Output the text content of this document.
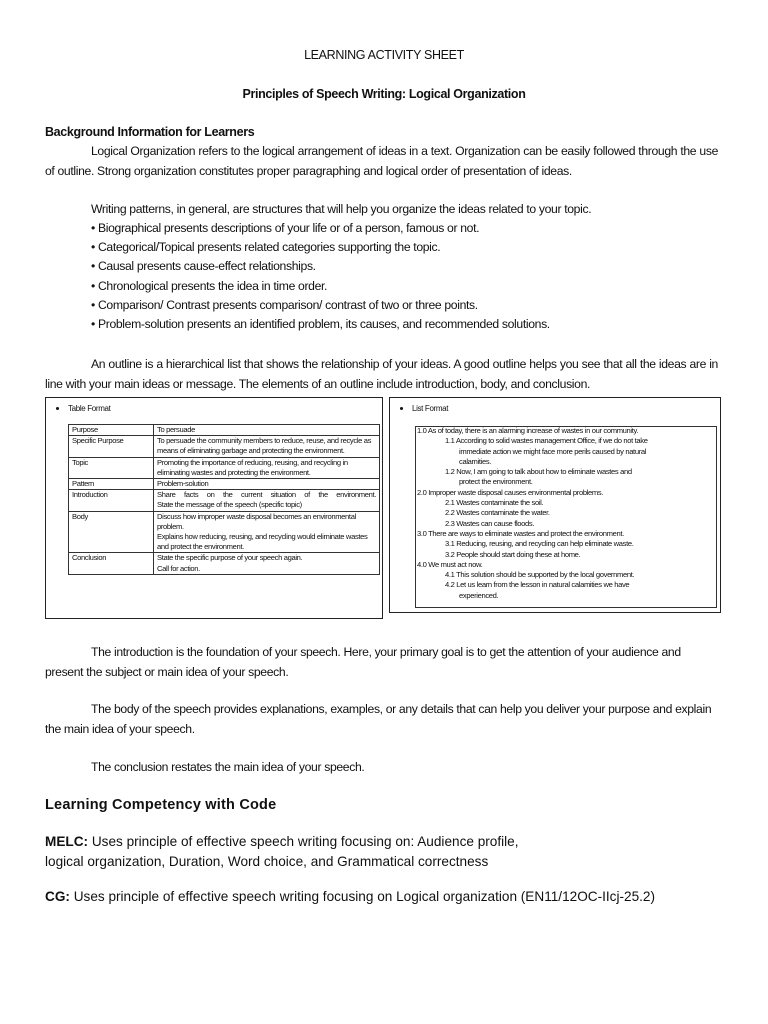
LEARNING ACTIVITY SHEET
Principles of Speech Writing: Logical Organization
Background Information for Learners
Logical Organization refers to the logical arrangement of ideas in a text. Organization can be easily followed through the use of outline. Strong organization constitutes proper paragraphing and logical order of presentation of ideas.
Writing patterns, in general, are structures that will help you organize the ideas related to your topic.
• Biographical presents descriptions of your life or of a person, famous or not.
• Categorical/Topical presents related categories supporting the topic.
• Causal presents cause-effect relationships.
• Chronological presents the idea in time order.
• Comparison/ Contrast presents comparison/ contrast of two or three points.
• Problem-solution presents an identified problem, its causes, and recommended solutions.
An outline is a hierarchical list that shows the relationship of your ideas. A good outline helps you see that all the ideas are in line with your main ideas or message. The elements of an outline include introduction, body, and conclusion.
Table Format
Purpose	To persuade
Specific Purpose	To persuade the community members to reduce, reuse, and recycle as means of eliminating garbage and protecting the environment.
Topic	Promoting the importance of reducing, reusing, and recycling in eliminating wastes and protecting the environment.
Pattern	Problem-solution
Introduction	Share facts on the current situation of the environment.
State the message of the speech (specific topic)

Body	Discuss how improper waste disposal becomes an environmental problem.
Explains how reducing, reusing, and recycling would eliminate wastes and protect the environment.

Conclusion	State the specific purpose of your speech again.
Call for action.
List Format
1.0 As of today, there is an alarming increase of wastes in our community.
1.1 According to solid wastes management Office, if we do not take
immediate action we might face more perils caused by natural
calamities.
1.2 Now, I am going to talk about how to eliminate wastes and
protect the environment.
2.0 Improper waste disposal causes environmental problems.
2.1 Wastes contaminate the soil.
2.2 Wastes contaminate the water.
2.3 Wastes can cause floods.
3.0 There are ways to eliminate wastes and protect the environment.
3.1 Reducing, reusing, and recycling can help eliminate waste.
3.2 People should start doing these at home.
4.0 We must act now.
4.1 This solution should be supported by the local government.
4.2 Let us learn from the lesson in natural calamities we have
experienced.
The introduction is the foundation of your speech. Here, your primary goal is to get the attention of your audience and present the subject or main idea of your speech.
The body of the speech provides explanations, examples, or any details that can help you deliver your purpose and explain the main idea of your speech.
The conclusion restates the main idea of your speech.
Learning Competency with Code
MELC: Uses principle of effective speech writing focusing on: Audience profile,
logical organization, Duration, Word choice, and Grammatical correctness
CG: Uses principle of effective speech writing focusing on Logical organization (EN11/12OC-IIcj-25.2)
